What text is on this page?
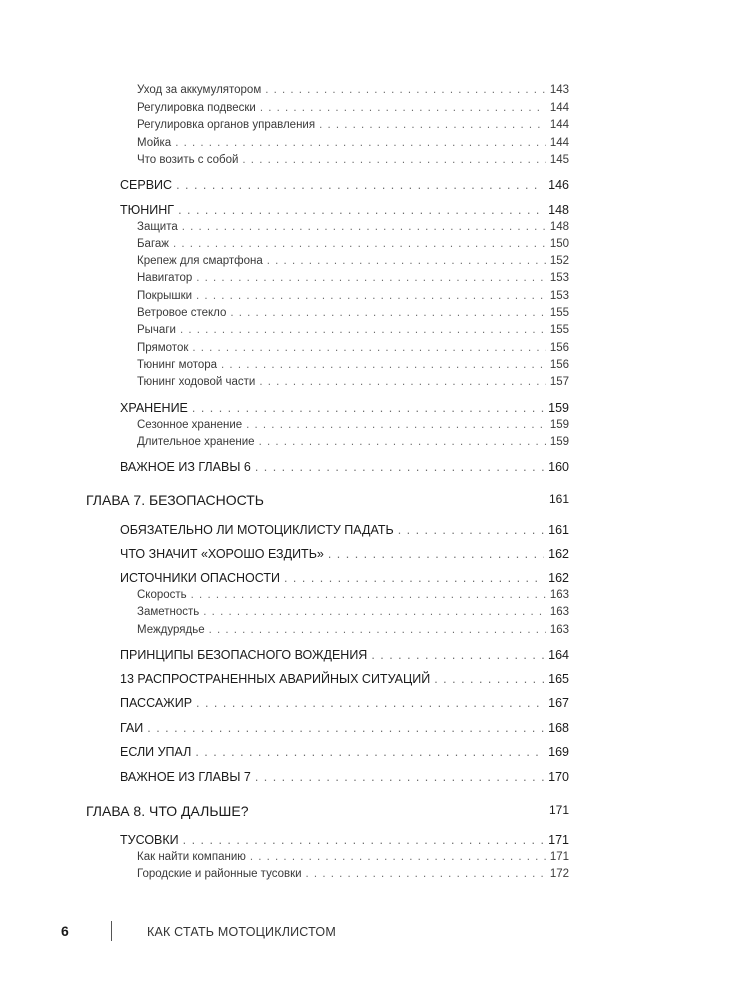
Уход за аккумулятором . . .	143
Регулировка подвески . . .	144
Регулировка органов управления . . .	144
Мойка . . .	144
Что возить с собой . . .	145
СЕРВИС . . .	146
ТЮНИНГ . . .	148
Защита . . .	148
Багаж . . .	150
Крепеж для смартфона . . .	152
Навигатор . . .	153
Покрышки . . .	153
Ветровое стекло . . .	155
Рычаги . . .	155
Прямоток . . .	156
Тюнинг мотора . . .	156
Тюнинг ходовой части . . .	157
ХРАНЕНИЕ . . .	159
Сезонное хранение . . .	159
Длительное хранение . . .	159
ВАЖНОЕ ИЗ ГЛАВЫ 6 . . .	160
ГЛАВА 7. БЕЗОПАСНОСТЬ	161
ОБЯЗАТЕЛЬНО ЛИ МОТОЦИКЛИСТУ ПАДАТЬ . . .	161
ЧТО ЗНАЧИТ «ХОРОШО ЕЗДИТЬ» . . .	162
ИСТОЧНИКИ ОПАСНОСТИ . . .	162
Скорость . . .	163
Заметность . . .	163
Междурядье . . .	163
ПРИНЦИПЫ БЕЗОПАСНОГО ВОЖДЕНИЯ . . .	164
13 РАСПРОСТРАНЕННЫХ АВАРИЙНЫХ СИТУАЦИЙ . . .	165
ПАССАЖИР . . .	167
ГАИ . . .	168
ЕСЛИ УПАЛ . . .	169
ВАЖНОЕ ИЗ ГЛАВЫ 7 . . .	170
ГЛАВА 8. ЧТО ДАЛЬШЕ?	171
ТУСОВКИ . . .	171
Как найти компанию . . .	171
Городские и районные тусовки . . .	172
6	КАК СТАТЬ МОТОЦИКЛИСТОМ
